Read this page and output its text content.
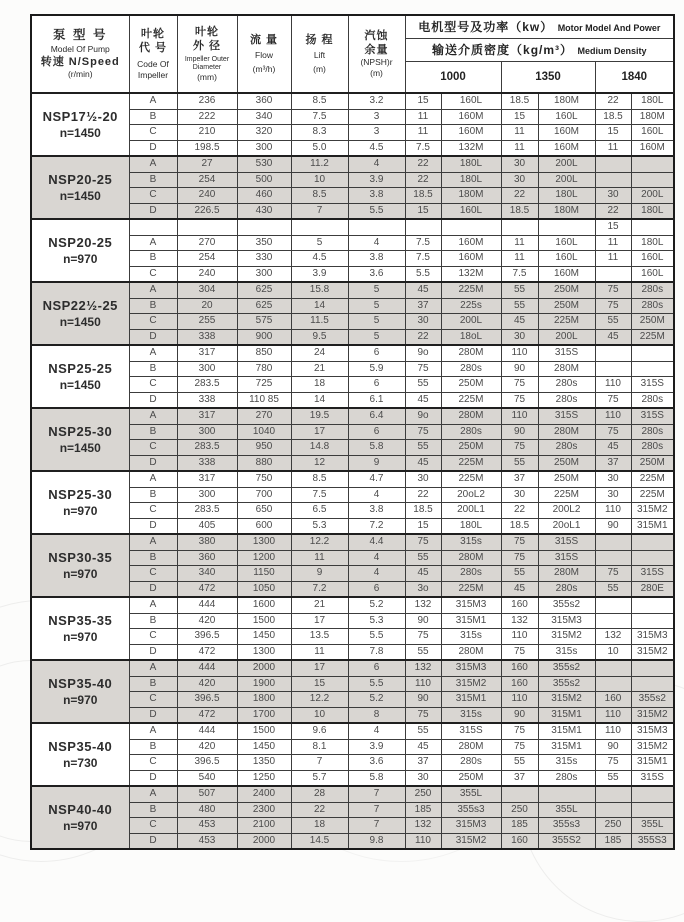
泵 型 号
Model Of Pump
转速 N/Speed
(r/min)

叶轮
代 号
Code Of
Impeller

叶轮
外 径
Impeller Outer
Diameter
(mm)

流 量
Flow
(m³/h)

扬 程
Lift
(m)

汽蚀
余量
(NPSH)r
(m)
	电机型号及功率（kw） Motor Model And Power
						输送介质密度（kg/m³） Medium Density					
						1000		1350		1840	

NSP17½-20
n=1450	A	236	360	8.5	3.2	15	160L	18.5	180M	22	180L
	B	222	340	7.5	3	11	160M	15	160L	18.5	180M
	C	210	320	8.3	3	11	160M	11	160M	15	160L
	D	198.5	300	5.0	4.5	7.5	132M	11	160M	11	160M

NSP20-25
n=1450	A	27	530	11.2	4	22	180L	30	200L		
	B	254	500	10	3.9	22	180L	30	200L		
	C	240	460	8.5	3.8	18.5	180M	22	180L	30	200L
	D	226.5	430	7	5.5	15	160L	18.5	180M	22	180L

NSP20-25
n=970										15	
	A	270	350	5	4	7.5	160M	11	160L	11	180L
	B	254	330	4.5	3.8	7.5	160M	11	160L	11	160L
	C	240	300	3.9	3.6	5.5	132M	7.5	160M		160L

NSP22½-25
n=1450	A	304	625	15.8	5	45	225M	55	250M	75	280s
	B	20	625	14	5	37	225s	55	250M	75	280s
	C	255	575	11.5	5	30	200L	45	225M	55	250M
	D	338	900	9.5	5	22	18oL	30	200L	45	225M

NSP25-25
n=1450	A	317	850	24	6	9o	280M	110	315S		
	B	300	780	21	5.9	75	280s	90	280M		
	C	283.5	725	18	6	55	250M	75	280s	110	315S
	D	338	110 85	14	6.1	45	225M	75	280s	75	280s

NSP25-30
n=1450	A	317	270	19.5	6.4	9o	280M	110	315S	110	315S
	B	300	1040	17	6	75	280s	90	280M	75	280s
	C	283.5	950	14.8	5.8	55	250M	75	280s	45	280s
	D	338	880	12	9	45	225M	55	250M	37	250M

NSP25-30
n=970	A	317	750	8.5	4.7	30	225M	37	250M	30	225M
	B	300	700	7.5	4	22	20oL2	30	225M	30	225M
	C	283.5	650	6.5	3.8	18.5	200L1	22	200L2	110	315M2
	D	405	600	5.3	7.2	15	180L	18.5	20oL1	90	315M1

NSP30-35
n=970	A	380	1300	12.2	4.4	75	315s	75	315S		
	B	360	1200	11	4	55	280M	75	315S		
	C	340	1150	9	4	45	280s	55	280M	75	315S
	D	472	1050	7.2	6	3o	225M	45	280s	55	280E

NSP35-35
n=970	A	444	1600	21	5.2	132	315M3	160	355s2		
	B	420	1500	17	5.3	90	315M1	132	315M3		
	C	396.5	1450	13.5	5.5	75	315s	110	315M2	132	315M3
	D	472	1300	11	7.8	55	280M	75	315s	10	315M2

NSP35-40
n=970	A	444	2000	17	6	132	315M3	160	355s2		
	B	420	1900	15	5.5	110	315M2	160	355s2		
	C	396.5	1800	12.2	5.2	90	315M1	110	315M2	160	355s2
	D	472	1700	10	8	75	315s	90	315M1	110	315M2

NSP35-40
n=730	A	444	1500	9.6	4	55	315S	75	315M1	110	315M3
	B	420	1450	8.1	3.9	45	280M	75	315M1	90	315M2
	C	396.5	1350	7	3.6	37	280s	55	315s	75	315M1
	D	540	1250	5.7	5.8	30	250M	37	280s	55	315S

NSP40-40
n=970	A	507	2400	28	7	250	355L				
	B	480	2300	22	7	185	355s3	250	355L		
	C	453	2100	18	7	132	315M3	185	355s3	250	355L
	D	453	2000	14.5	9.8	110	315M2	160	355S2	185	355S3
